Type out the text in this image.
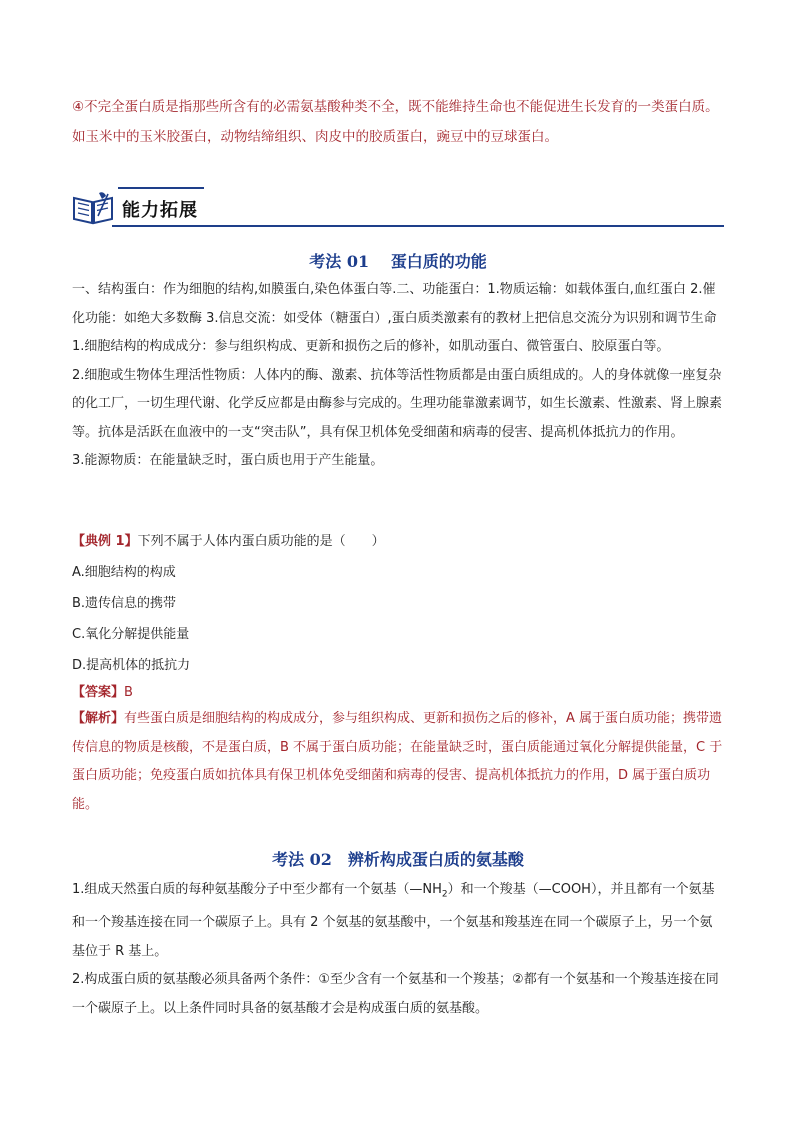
④不完全蛋白质是指那些所含有的必需氨基酸种类不全，既不能维持生命也不能促进生长发育的一类蛋白质。如玉米中的玉米胶蛋白，动物结缔组织、肉皮中的胶质蛋白，豌豆中的豆球蛋白。

能力拓展
考法 01　 蛋白质的功能

一、结构蛋白：作为细胞的结构,如膜蛋白,染色体蛋白等.二、功能蛋白：1.物质运输：如载体蛋白,血红蛋白 2.催化功能：如绝大多数酶 3.信息交流：如受体（糖蛋白）,蛋白质类激素有的教材上把信息交流分为识别和调节生命

1.细胞结构的构成成分：参与组织构成、更新和损伤之后的修补，如肌动蛋白、微管蛋白、胶原蛋白等。

2.细胞或生物体生理活性物质：人体内的酶、激素、抗体等活性物质都是由蛋白质组成的。人的身体就像一座复杂的化工厂，一切生理代谢、化学反应都是由酶参与完成的。生理功能靠激素调节，如生长激素、性激素、肾上腺素等。抗体是活跃在血液中的一支“突击队”，具有保卫机体免受细菌和病毒的侵害、提高机体抵抗力的作用。

3.能源物质：在能量缺乏时，蛋白质也用于产生能量。

【典例 1】下列不属于人体内蛋白质功能的是（　　）

A.细胞结构的构成

B.遗传信息的携带

C.氧化分解提供能量

D.提高机体的抵抗力

【答案】B

【解析】有些蛋白质是细胞结构的构成成分，参与组织构成、更新和损伤之后的修补，A 属于蛋白质功能；携带遗传信息的物质是核酸，不是蛋白质，B 不属于蛋白质功能；在能量缺乏时，蛋白质能通过氧化分解提供能量，C 于蛋白质功能；免疫蛋白质如抗体具有保卫机体免受细菌和病毒的侵害、提高机体抵抗力的作用，D 属于蛋白质功能。

考法 02　辨析构成蛋白质的氨基酸

1.组成天然蛋白质的每种氨基酸分子中至少都有一个氨基$(—NH_2)$和一个羧基（—COOH），并且都有一个氨基和一个羧基连接在同一个碳原子上。具有 2 个氨基的氨基酸中，一个氨基和羧基连在同一个碳原子上，另一个氨基位于 R 基上。

2.构成蛋白质的氨基酸必须具备两个条件：①至少含有一个氨基和一个羧基；②都有一个氨基和一个羧基连接在同一个碳原子上。以上条件同时具备的氨基酸才会是构成蛋白质的氨基酸。
